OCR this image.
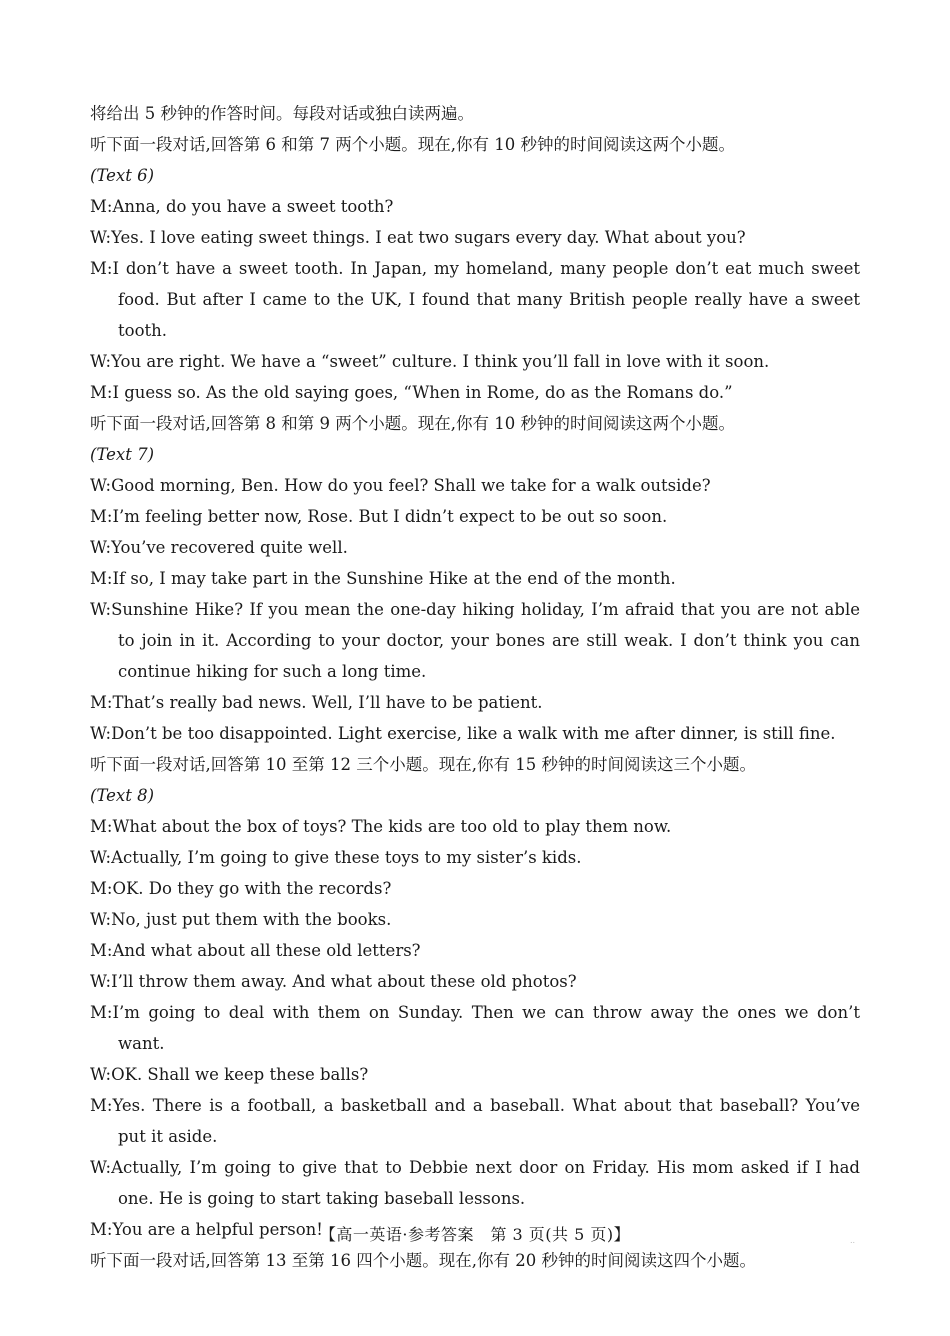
将给出 5 秒钟的作答时间。每段对话或独白读两遍。
听下面一段对话,回答第 6 和第 7 两个小题。现在,你有 10 秒钟的时间阅读这两个小题。
(Text 6)
M:Anna, do you have a sweet tooth?
W:Yes. I love eating sweet things. I eat two sugars every day. What about you?
M:I don’t have a sweet tooth. In Japan, my homeland, many people don’t eat much sweet food. But after I came to the UK, I found that many British people really have a sweet tooth.
W:You are right. We have a “sweet” culture. I think you’ll fall in love with it soon.
M:I guess so. As the old saying goes, “When in Rome, do as the Romans do.”
听下面一段对话,回答第 8 和第 9 两个小题。现在,你有 10 秒钟的时间阅读这两个小题。
(Text 7)
W:Good morning, Ben. How do you feel? Shall we take for a walk outside?
M:I’m feeling better now, Rose. But I didn’t expect to be out so soon.
W:You’ve recovered quite well.
M:If so, I may take part in the Sunshine Hike at the end of the month.
W:Sunshine Hike? If you mean the one-day hiking holiday, I’m afraid that you are not able to join in it. According to your doctor, your bones are still weak. I don’t think you can continue hiking for such a long time.
M:That’s really bad news. Well, I’ll have to be patient.
W:Don’t be too disappointed. Light exercise, like a walk with me after dinner, is still fine.
听下面一段对话,回答第 10 至第 12 三个小题。现在,你有 15 秒钟的时间阅读这三个小题。
(Text 8)
M:What about the box of toys? The kids are too old to play them now.
W:Actually, I’m going to give these toys to my sister’s kids.
M:OK. Do they go with the records?
W:No, just put them with the books.
M:And what about all these old letters?
W:I’ll throw them away. And what about these old photos?
M:I’m going to deal with them on Sunday. Then we can throw away the ones we don’t want.
W:OK. Shall we keep these balls?
M:Yes. There is a football, a basketball and a baseball. What about that baseball? You’ve put it aside.
W:Actually, I’m going to give that to Debbie next door on Friday. His mom asked if I had one. He is going to start taking baseball lessons.
M:You are a helpful person!
听下面一段对话,回答第 13 至第 16 四个小题。现在,你有 20 秒钟的时间阅读这四个小题。
【高一英语·参考答案　第 3 页(共 5 页)】	..
